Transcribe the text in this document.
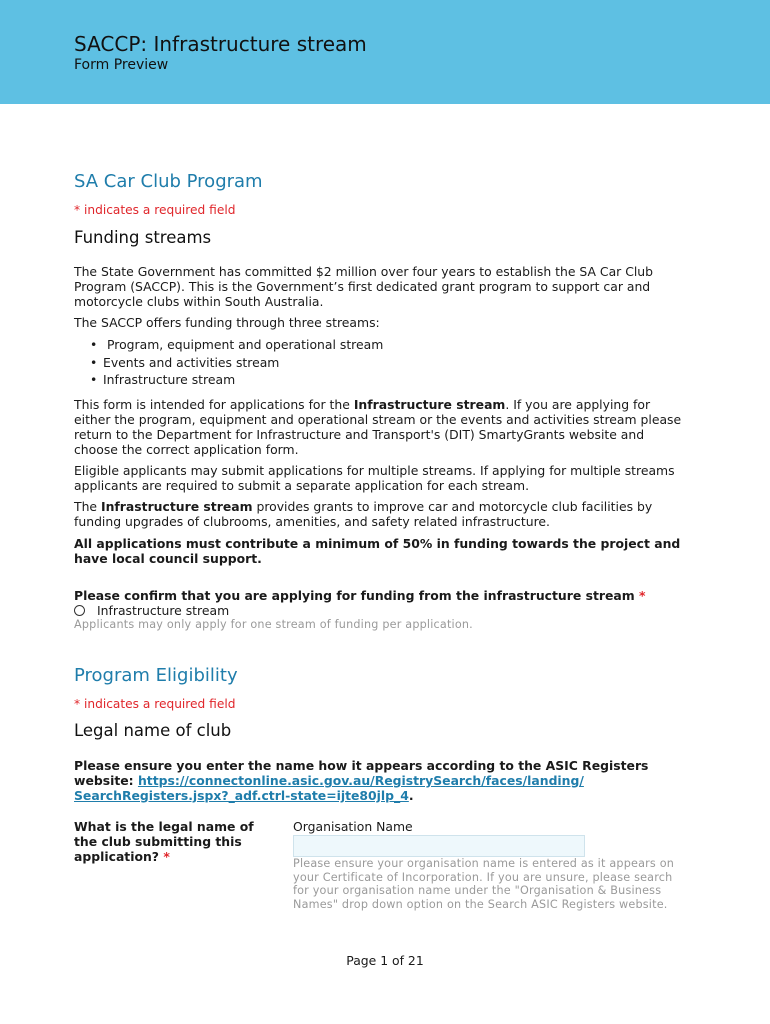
SACCP: Infrastructure stream
Form Preview
SA Car Club Program
* indicates a required field
Funding streams

The State Government has committed $2 million over four years to establish the SA Car Club Program (SACCP). This is the Government’s first dedicated grant program to support car and motorcycle clubs within South Australia.

The SACCP offers funding through three streams:

• Program, equipment and operational stream
• Events and activities stream
• Infrastructure stream

This form is intended for applications for the Infrastructure stream. If you are applying for either the program, equipment and operational stream or the events and activities stream please return to the Department for Infrastructure and Transport's (DIT) SmartyGrants website and choose the correct application form.

Eligible applicants may submit applications for multiple streams. If applying for multiple streams applicants are required to submit a separate application for each stream.

The Infrastructure stream provides grants to improve car and motorcycle club facilities by funding upgrades of clubrooms, amenities, and safety related infrastructure.

All applications must contribute a minimum of 50% in funding towards the project and have local council support.

Please confirm that you are applying for funding from the infrastructure stream *
Infrastructure stream
Applicants may only apply for one stream of funding per application.
Program Eligibility
* indicates a required field
Legal name of club
Please ensure you enter the name how it appears according to the ASIC Registers website: https://connectonline.asic.gov.au/RegistrySearch/faces/landing/
SearchRegisters.jspx?_adf.ctrl-state=ijte80jlp_4.
What is the legal name of the club submitting this application? *
Organisation Name
Please ensure your organisation name is entered as it appears on your Certificate of Incorporation. If you are unsure, please search for your organisation name under the "Organisation & Business Names" drop down option on the Search ASIC Registers website.
Page 1 of 21
